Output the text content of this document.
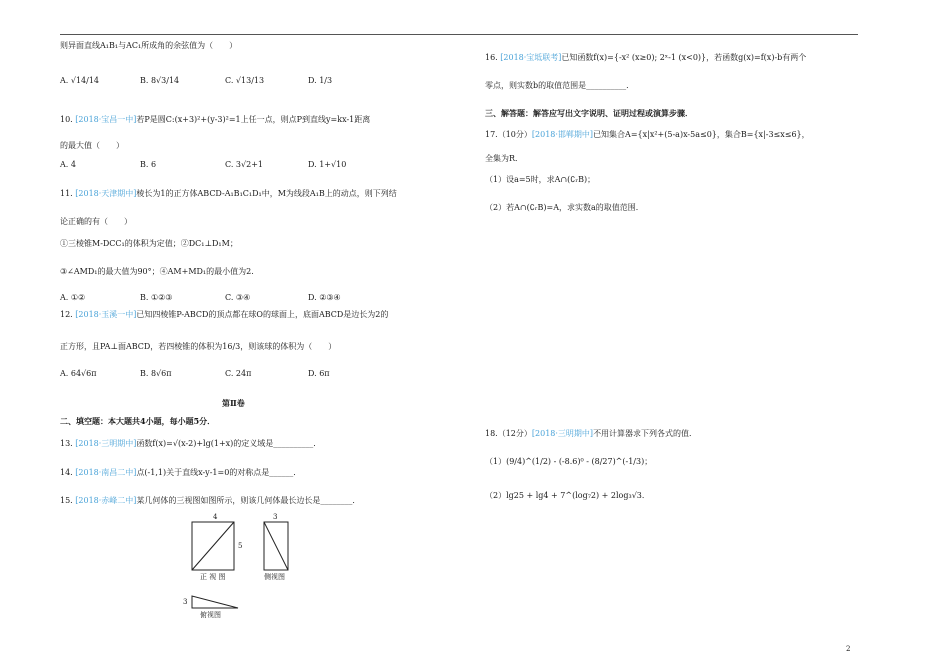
则异面直线A₁B₁与AC₁所成角的余弦值为（　　）
A. √14/14	B. 8√3/14	C. √13/13	D. 1/3
10. [2018·宝昌一中]若P是圆C:(x+3)²+(y-3)²=1上任一点，则点P到直线y=kx-1距离
的最大值（　　）
A. 4	B. 6	C. 3√2+1	D. 1+√10
11. [2018·天津期中]棱长为1的正方体ABCD-A₁B₁C₁D₁中，M为线段A₁B上的动点，则下列结
论正确的有（　　）
①三棱锥M-DCC₁的体积为定值；②DC₁⊥D₁M；
③∠AMD₁的最大值为90°；④AM+MD₁的最小值为2.
A. ①②	B. ①②③	C. ③④	D. ②③④
12. [2018·玉溪一中]已知四棱锥P-ABCD的顶点都在球O的球面上，底面ABCD是边长为2的
正方形，且PA⊥面ABCD，若四棱锥的体积为16/3，则该球的体积为（　　）
A. 64√6π	B. 8√6π	C. 24π	D. 6π
第Ⅱ卷
二、填空题：本大题共4小题，每小题5分．
13. [2018·三明期中]函数f(x)=√(x-2)+lg(1+x)的定义域是__________．
14. [2018·南昌二中]点(-1,1)关于直线x-y-1=0的对称点是______．
15. [2018·赤峰二中]某几何体的三视图如图所示，则该几何体最长边长是________．
4
5
正 视 图
3
侧视图
3
俯视图
16. [2018·宝坻联考]已知函数f(x)={-x² (x≥0); 2ˣ-1 (x<0)}，若函数g(x)=f(x)-b有两个
零点，则实数b的取值范围是__________．
三、解答题：解答应写出文字说明、证明过程或演算步骤．
17.（10分）[2018·邯郸期中]已知集合A={x|x²+(5-a)x-5a≤0}，集合B={x|-3≤x≤6}，
全集为R．
（1）设a=5时，求A∩(∁ᵣB)；
（2）若A∩(∁ᵣB)=A，求实数a的取值范围．
18.（12分）[2018·三明期中]不用计算器求下列各式的值．
（1）(9/4)^(1/2) - (-8.6)⁰ - (8/27)^(-1/3)；
（2）lg25 + lg4 + 7^(log₇2) + 2log₃√3．
2
